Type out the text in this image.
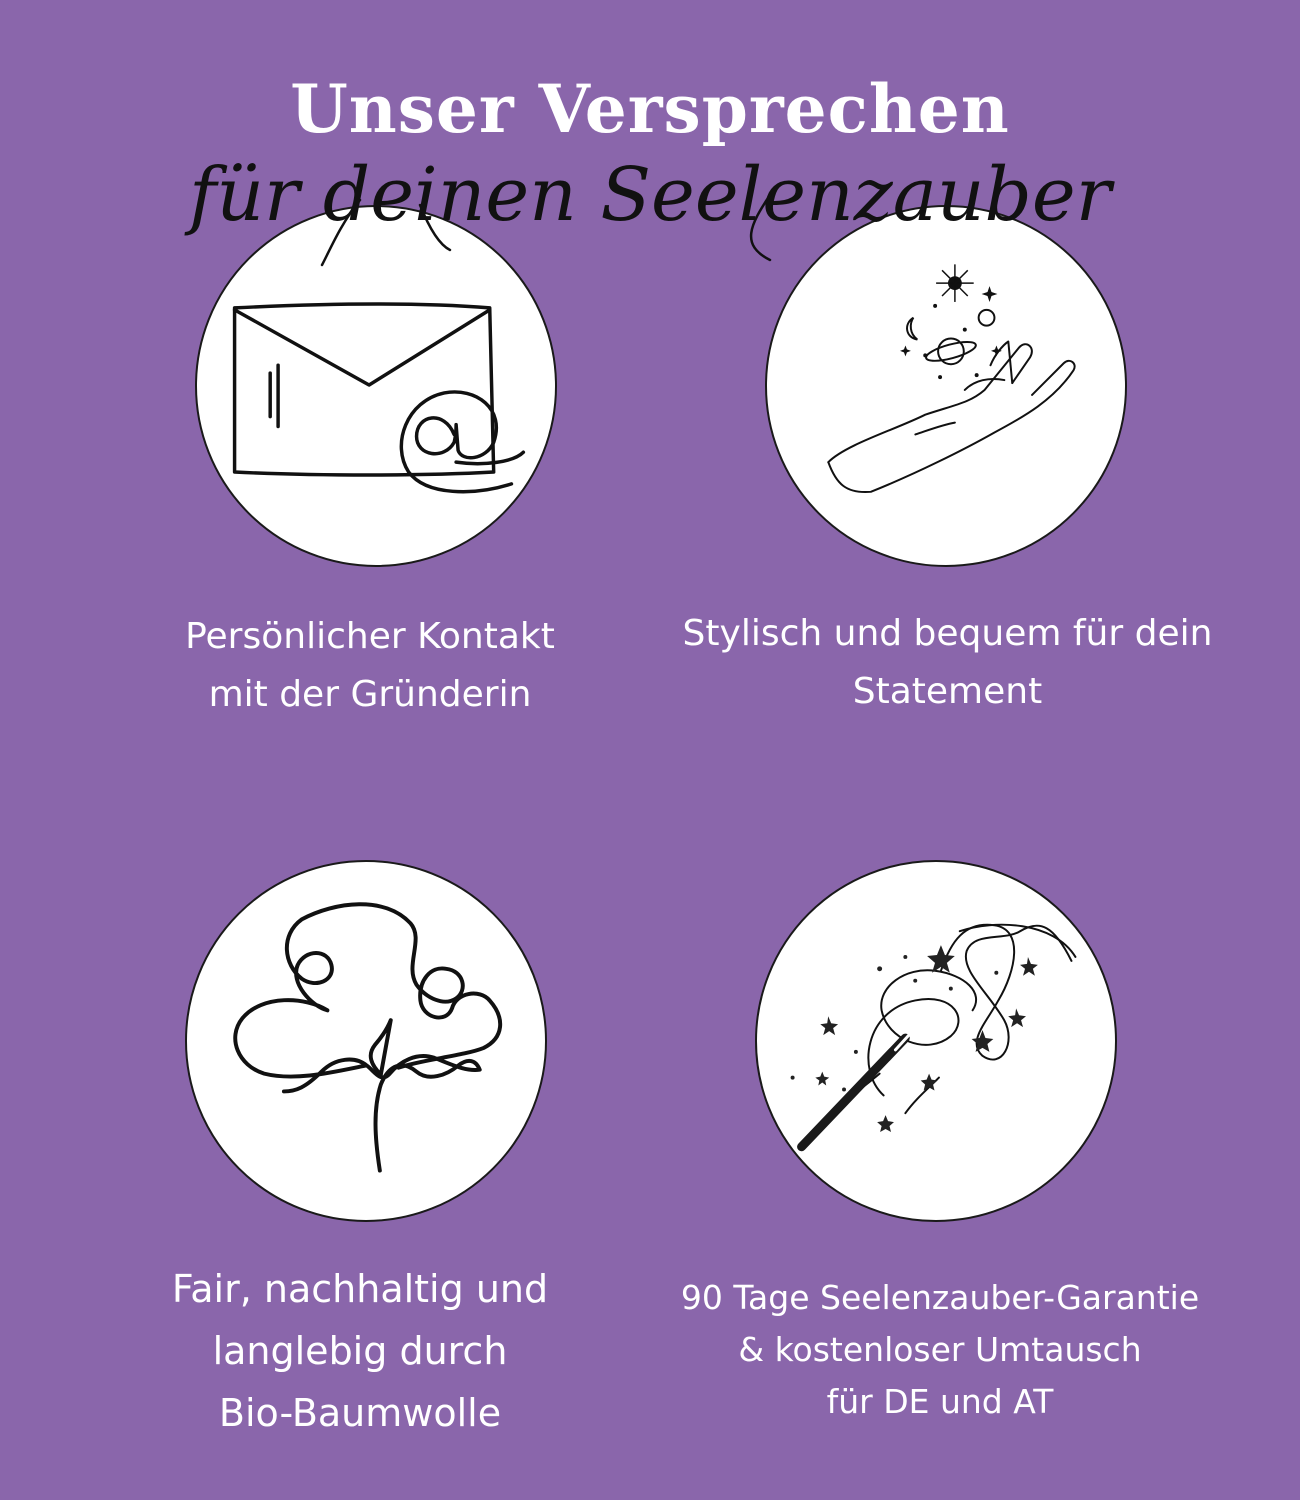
Unser Versprechen
für deinen Seelenzauber
Persönlicher Kontakt
mit der Gründerin
Stylisch und bequem für dein
Statement
Fair, nachhaltig und
langlebig durch
Bio-Baumwolle
90 Tage Seelenzauber-Garantie
& kostenloser Umtausch
für DE und AT
